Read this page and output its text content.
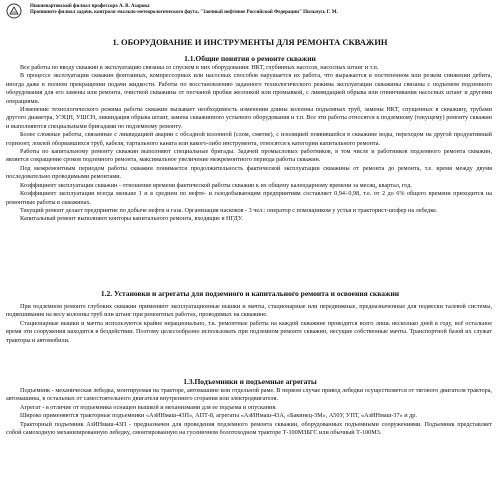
Нижневартовский филиал профессора А. В. Азарова
Пропишите филиал задачи, контроля эмальпо-метеорологического фаута, "Заочный нефтяное Российской Федерации" Пильнусь Г. М.
1. ОБОРУДОВАНИЕ И ИНСТРУМЕНТЫ ДЛЯ РЕМОНТА СКВАЖИН
1.1.Общие понятия о ремонте скважин

Все работы по вводу скважин в эксплуатацию связаны со спуском в них оборудования: НКТ, глубинных насосов, насосных штанг и т.п.

В процессе эксплуатации скважин фонтанных, компрессорных или насосных способов нарушается их работа, что выражается в постепенном или резком снижении дебита, иногда даже в полном прекращении подачи жидкости. Работы по восстановлению заданного технологического режима эксплуатации скважины связаны с подъемом подземного оборудования для его замены или ремонта, очисткой скважины от песчаной пробки желонкой или промывкой, с ликвидацией обрыва или отвинчивания насосных штанг и другими операциями.

Изменение технологического режима работы скважин вызывает необходимость изменения длины колонны подъемных труб, замены НКТ, спущенных в скважину, трубами другого диаметра, УЭЦН, УШСН, ликвидация обрыва штанг, замена скважинного устьевого оборудования и т.п. Все эти работы относятся к подземному (текущему) ремонту скважин и выполняются специальными бригадами по подземному ремонту.

Более сложные работы, связанные с ликвидацией аварии с обсадной колонной (слом, смятие), с изоляцией появившейся в скважине воды, переходом на другой продуктивный горизонт, ловлей оборвавшихся труб, кабеля, тартального каната или какого-либо инструмента, относятся к категории капитального ремонта.

Работы по капитальному ремонту скважин выполняют специальные бригады. Задачей промысловых работников, в том числе и работников подземного ремонта скважин, является сокращение сроков подземного ремонта, максимальное увеличение межремонтного периода работы скважин.

Под межремонтным периодом работы скважин понимается продолжительность фактической эксплуатации скважины от ремонта до ремонта, т.е. время между двумя последовательно проводимыми ремонтами.

Коэффициент эксплуатации скважин - отношение времени фактической работы скважин к их общему календарному времени за месяц, квартал, год.

Коэффициент эксплуатации всегда меньше 1 и в среднем по нефте- и газодобывающим предприятиям составляет 0,94÷0,98, т.е. от 2 до 6% общего времени приходится на ремонтные работы в скважинах.

Текущий ремонт делает предприятие по добыче нефти и газа. Организация наскоков - 3 чел.: оператор с помощником у устья и тракторист-шофер на лебедке.

Капитальный ремонт выполняют конторы капитального ремонта, входящие в НГДУ.

1.2. Установки и агрегаты для подземного и капитального ремонта и освоения скважин

При подземном ремонте глубоких скважин применяют эксплуатационные вышки и мачты, стационарные или передвижные, предназначенные для подвески талевой системы, подвешивания на весу колонны труб или штанг при ремонтных работах, проводимых на скважине.

Стационарные вышки и мачты используются крайне нерационально, т.к. ремонтные работы на каждой скважине проводятся всего лишь несколько дней в году, всё остальное время эти сооружения находятся в бездействии. Поэтому целесообразно использовать при подземном ремонте скважин, несущие собственные мачты. Транспортной базой их служат тракторы и автомобили.

1.3.Подъемники и подъемные агрегаты

Подъемник - механическая лебедка, монтируемая на тракторе, автомашине или отдельной раме. В первом случае привод лебедки осуществляется от тягового двигателя трактора, автомашины, в остальных от самостоятельного двигателя внутреннего сгорания или электродвигателя.

Агрегат - в отличие от подъемника оснащен вышкой и механизмами для ее подъема и опускания.

Широко применяются тракторные подъемники «АзИНмаш-43П», АПТ-8, агрегаты «АзИНмаш-43А, «Бакинец-3М», А50У, УПТ, «АзИНмаш-37» и др.

Тракторный подъемник АзИНмаш-43П - предназначен для проведения подземного ремонта скважин, оборудованных подъемными сооружениями. Подъемник представляет собой самоходную механизированную лебедку, смонтированную на гусеничном болотоходном тракторе Т-100МЗБГС или обычный Т-100М3.
